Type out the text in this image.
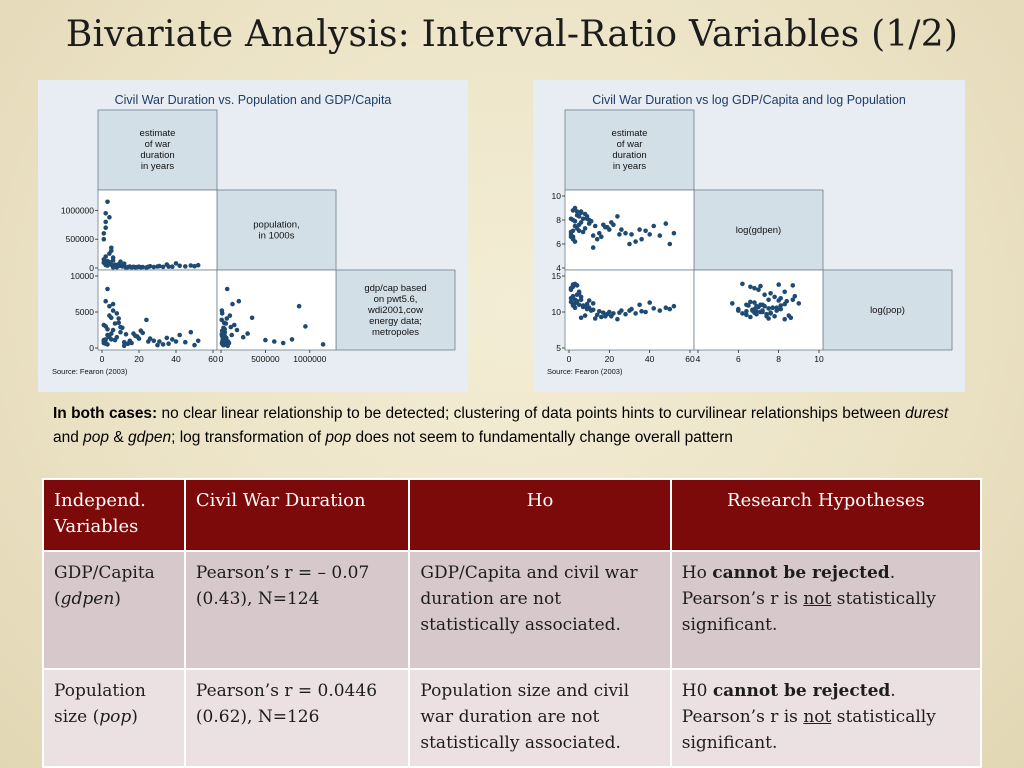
Bivariate Analysis: Interval-Ratio Variables (1/2)
Civil War Duration vs. Population and GDP/Capita
estimate
of war
duration
in years
population,
in 1000s
gdp/cap based
on pwt5.6,
wdi2001,cow
energy data;
metropoles
0
500000
1000000
0
5000
10000
0	20	40	60 0	500000 1000000
Source: Fearon (2003)
Civil War Duration vs log GDP/Capita and log Population
estimate
of war
duration
in years
log(gdpen)
log(pop)
4
6
8
10
5
10
15
0	20	40	60 4	6	8	10
Source: Fearon (2003)
In both cases: no clear linear relationship to be detected; clustering of data points hints to curvilinear relationships between durest and pop & gdpen; log transformation of pop does not seem to fundamentally change overall pattern
Independ. Variables	Civil War Duration	Ho	Research Hypotheses
GDP/Capita (gdpen)	Pearson’s r = – 0.07 (0.43), N=124	GDP/Capita and civil war duration are not statistically associated.	Ho cannot be rejected. Pearson’s r is not statistically significant.
Population size (pop)	Pearson’s r = 0.0446 (0.62), N=126	Population size and civil war duration are not statistically associated.	H0 cannot be rejected. Pearson’s r is not statistically significant.
